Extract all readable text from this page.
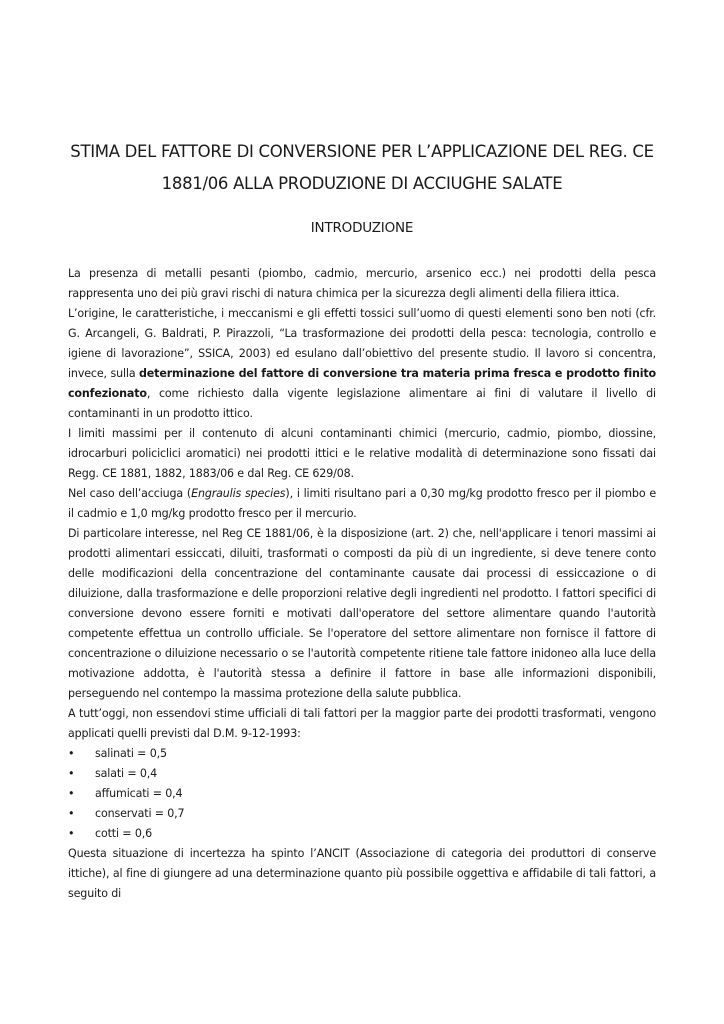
STIMA DEL FATTORE DI CONVERSIONE PER L’APPLICAZIONE DEL REG. CE
1881/06 ALLA PRODUZIONE DI ACCIUGHE SALATE
INTRODUZIONE

La presenza di metalli pesanti (piombo, cadmio, mercurio, arsenico ecc.) nei prodotti della pesca rappresenta uno dei più gravi rischi di natura chimica per la sicurezza degli alimenti della filiera ittica.

L’origine, le caratteristiche, i meccanismi e gli effetti tossici sull’uomo di questi elementi sono ben noti (cfr. G. Arcangeli, G. Baldrati, P. Pirazzoli, “La trasformazione dei prodotti della pesca: tecnologia, controllo e igiene di lavorazione”, SSICA, 2003) ed esulano dall’obiettivo del presente studio. Il lavoro si concentra, invece, sulla determinazione del fattore di conversione tra materia prima fresca e prodotto finito confezionato, come richiesto dalla vigente legislazione alimentare ai fini di valutare il livello di contaminanti in un prodotto ittico.

I limiti massimi per il contenuto di alcuni contaminanti chimici (mercurio, cadmio, piombo, diossine, idrocarburi policiclici aromatici) nei prodotti ittici e le relative modalità di determinazione sono fissati dai Regg. CE 1881, 1882, 1883/06 e dal Reg. CE 629/08.

Nel caso dell’acciuga (Engraulis species), i limiti risultano pari a 0,30 mg/kg prodotto fresco per il piombo e il cadmio e 1,0 mg/kg prodotto fresco per il mercurio.

Di particolare interesse, nel Reg CE 1881/06, è la disposizione (art. 2) che, nell'applicare i tenori massimi ai prodotti alimentari essiccati, diluiti, trasformati o composti da più di un ingrediente, si deve tenere conto delle modificazioni della concentrazione del contaminante causate dai processi di essiccazione o di diluizione, dalla trasformazione e delle proporzioni relative degli ingredienti nel prodotto. I fattori specifici di conversione devono essere forniti e motivati dall'operatore del settore alimentare quando l'autorità competente effettua un controllo ufficiale. Se l'operatore del settore alimentare non fornisce il fattore di concentrazione o diluizione necessario o se l'autorità competente ritiene tale fattore inidoneo alla luce della motivazione addotta, è l'autorità stessa a definire il fattore in base alle informazioni disponibili, perseguendo nel contempo la massima protezione della salute pubblica.

A tutt’oggi, non essendovi stime ufficiali di tali fattori per la maggior parte dei prodotti trasformati, vengono applicati quelli previsti dal D.M. 9-12-1993:

• salinati = 0,5
• salati = 0,4
• affumicati = 0,4
• conservati = 0,7
• cotti = 0,6

Questa situazione di incertezza ha spinto l’ANCIT (Associazione di categoria dei produttori di conserve ittiche), al fine di giungere ad una determinazione quanto più possibile oggettiva e affidabile di tali fattori, a seguito di
